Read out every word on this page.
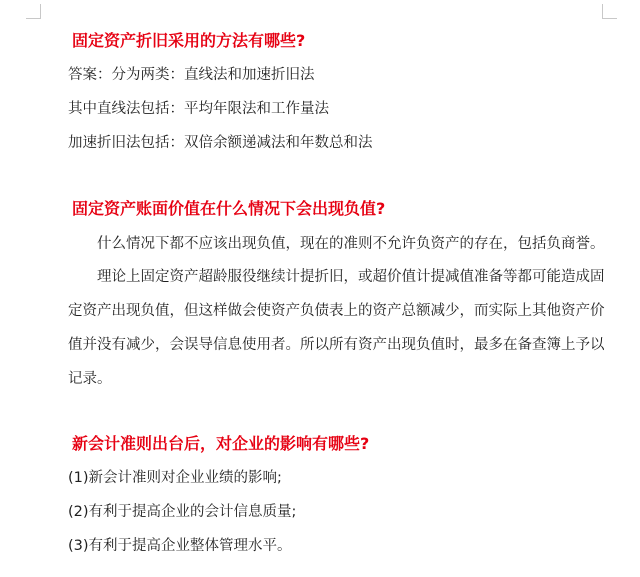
固定资产折旧采用的方法有哪些?
答案：分为两类：直线法和加速折旧法
其中直线法包括：平均年限法和工作量法
加速折旧法包括：双倍余额递减法和年数总和法
固定资产账面价值在什么情况下会出现负值?
什么情况下都不应该出现负值，现在的准则不允许负资产的存在，包括负商誉。
理论上固定资产超龄服役继续计提折旧，或超价值计提减值准备等都可能造成固
定资产出现负值，但这样做会使资产负债表上的资产总额减少，而实际上其他资产价
值并没有减少，会误导信息使用者。所以所有资产出现负值时，最多在备查簿上予以
记录。
新会计准则出台后，对企业的影响有哪些?
(1)新会计准则对企业业绩的影响;
(2)有利于提高企业的会计信息质量;
(3)有利于提高企业整体管理水平。
